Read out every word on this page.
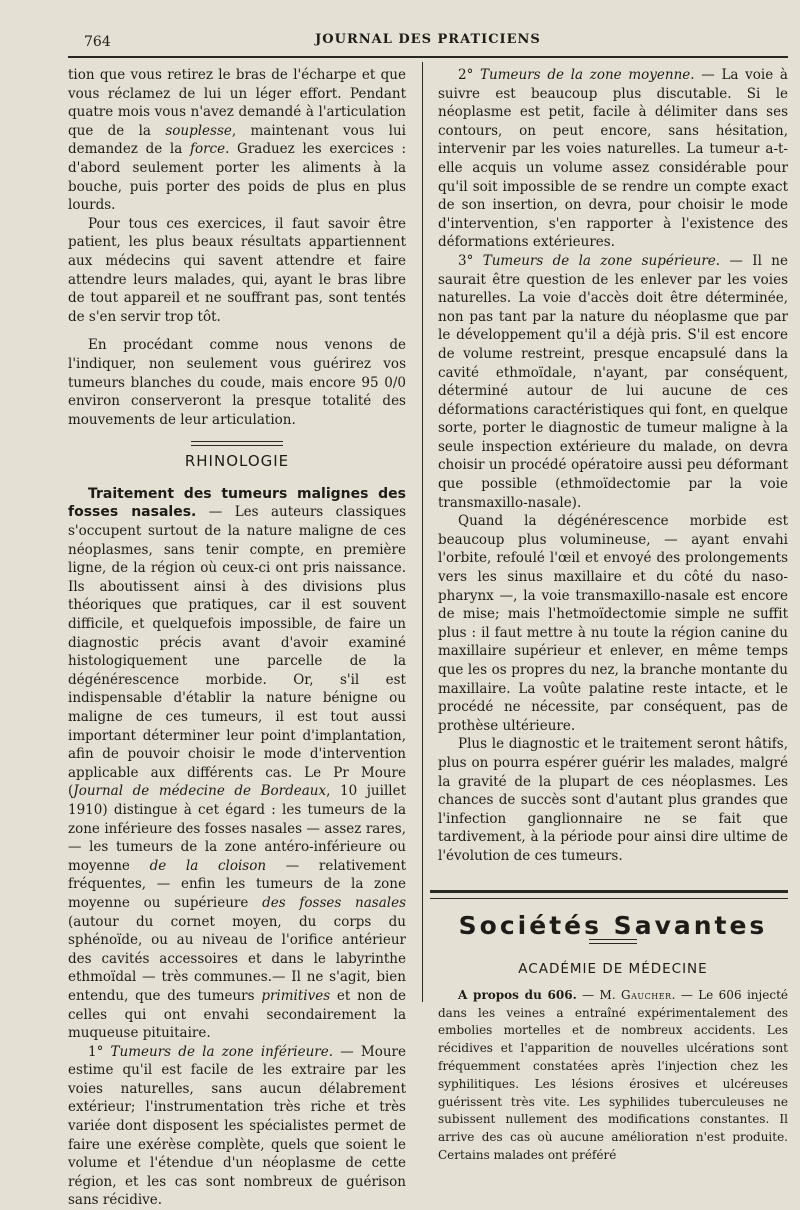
764	JOURNAL DES PRATICIENS

tion que vous retirez le bras de l'écharpe et que vous réclamez de lui un léger effort. Pendant quatre mois vous n'avez demandé à l'articulation que de la souplesse, maintenant vous lui demandez de la force. Graduez les exercices : d'abord seulement porter les aliments à la bouche, puis porter des poids de plus en plus lourds.

Pour tous ces exercices, il faut savoir être patient, les plus beaux résultats appartiennent aux médecins qui savent attendre et faire attendre leurs malades, qui, ayant le bras libre de tout appareil et ne souffrant pas, sont tentés de s'en servir trop tôt.

En procédant comme nous venons de l'indiquer, non seulement vous guérirez vos tumeurs blanches du coude, mais encore 95 0/0 environ conserveront la presque totalité des mouvements de leur articulation.

RHINOLOGIE

Traitement des tumeurs malignes des fosses nasales. — Les auteurs classiques s'occupent surtout de la nature maligne de ces néoplasmes, sans tenir compte, en première ligne, de la région où ceux-ci ont pris naissance. Ils aboutissent ainsi à des divisions plus théoriques que pratiques, car il est souvent difficile, et quelquefois impossible, de faire un diagnostic précis avant d'avoir examiné histologiquement une parcelle de la dégénérescence morbide. Or, s'il est indispensable d'établir la nature bénigne ou maligne de ces tumeurs, il est tout aussi important déterminer leur point d'implantation, afin de pouvoir choisir le mode d'intervention applicable aux différents cas. Le Pr Moure (Journal de médecine de Bordeaux, 10 juillet 1910) distingue à cet égard : les tumeurs de la zone inférieure des fosses nasales — assez rares, — les tumeurs de la zone antéro-inférieure ou moyenne de la cloison — relativement fréquentes, — enfin les tumeurs de la zone moyenne ou supérieure des fosses nasales (autour du cornet moyen, du corps du sphénoïde, ou au niveau de l'orifice antérieur des cavités accessoires et dans le labyrinthe ethmoïdal — très communes.— Il ne s'agit, bien entendu, que des tumeurs primitives et non de celles qui ont envahi secondairement la muqueuse pituitaire.

1° Tumeurs de la zone inférieure. — Moure estime qu'il est facile de les extraire par les voies naturelles, sans aucun délabrement extérieur; l'instrumentation très riche et très variée dont disposent les spécialistes permet de faire une exérèse complète, quels que soient le volume et l'étendue d'un néoplasme de cette région, et les cas sont nombreux de guérison sans récidive.

2° Tumeurs de la zone moyenne. — La voie à suivre est beaucoup plus discutable. Si le néoplasme est petit, facile à délimiter dans ses contours, on peut encore, sans hésitation, intervenir par les voies naturelles. La tumeur a-t-elle acquis un volume assez considérable pour qu'il soit impossible de se rendre un compte exact de son insertion, on devra, pour choisir le mode d'intervention, s'en rapporter à l'existence des déformations extérieures.

3° Tumeurs de la zone supérieure. — Il ne saurait être question de les enlever par les voies naturelles. La voie d'accès doit être déterminée, non pas tant par la nature du néoplasme que par le développement qu'il a déjà pris. S'il est encore de volume restreint, presque encapsulé dans la cavité ethmoïdale, n'ayant, par conséquent, déterminé autour de lui aucune de ces déformations caractéristiques qui font, en quelque sorte, porter le diagnostic de tumeur maligne à la seule inspection extérieure du malade, on devra choisir un procédé opératoire aussi peu déformant que possible (ethmoïdectomie par la voie transmaxillo-nasale).

Quand la dégénérescence morbide est beaucoup plus volumineuse, — ayant envahi l'orbite, refoulé l'œil et envoyé des prolongements vers les sinus maxillaire et du côté du naso-pharynx —, la voie transmaxillo-nasale est encore de mise; mais l'hetmoïdectomie simple ne suffit plus : il faut mettre à nu toute la région canine du maxillaire supérieur et enlever, en même temps que les os propres du nez, la branche montante du maxillaire. La voûte palatine reste intacte, et le procédé ne nécessite, par conséquent, pas de prothèse ultérieure.

Plus le diagnostic et le traitement seront hâtifs, plus on pourra espérer guérir les malades, malgré la gravité de la plupart de ces néoplasmes. Les chances de succès sont d'autant plus grandes que l'infection ganglionnaire ne se fait que tardivement, à la période pour ainsi dire ultime de l'évolution de ces tumeurs.

Sociétés Savantes
ACADÉMIE DE MÉDECINE

A propos du 606. — M. Gaucher. — Le 606 injecté dans les veines a entraîné expérimentalement des embolies mortelles et de nombreux accidents. Les récidives et l'apparition de nouvelles ulcérations sont fréquemment constatées après l'injection chez les syphilitiques. Les lésions érosives et ulcéreuses guérissent très vite. Les syphilides tuberculeuses ne subissent nullement des modifications constantes. Il arrive des cas où aucune amélioration n'est produite. Certains malades ont préféré
